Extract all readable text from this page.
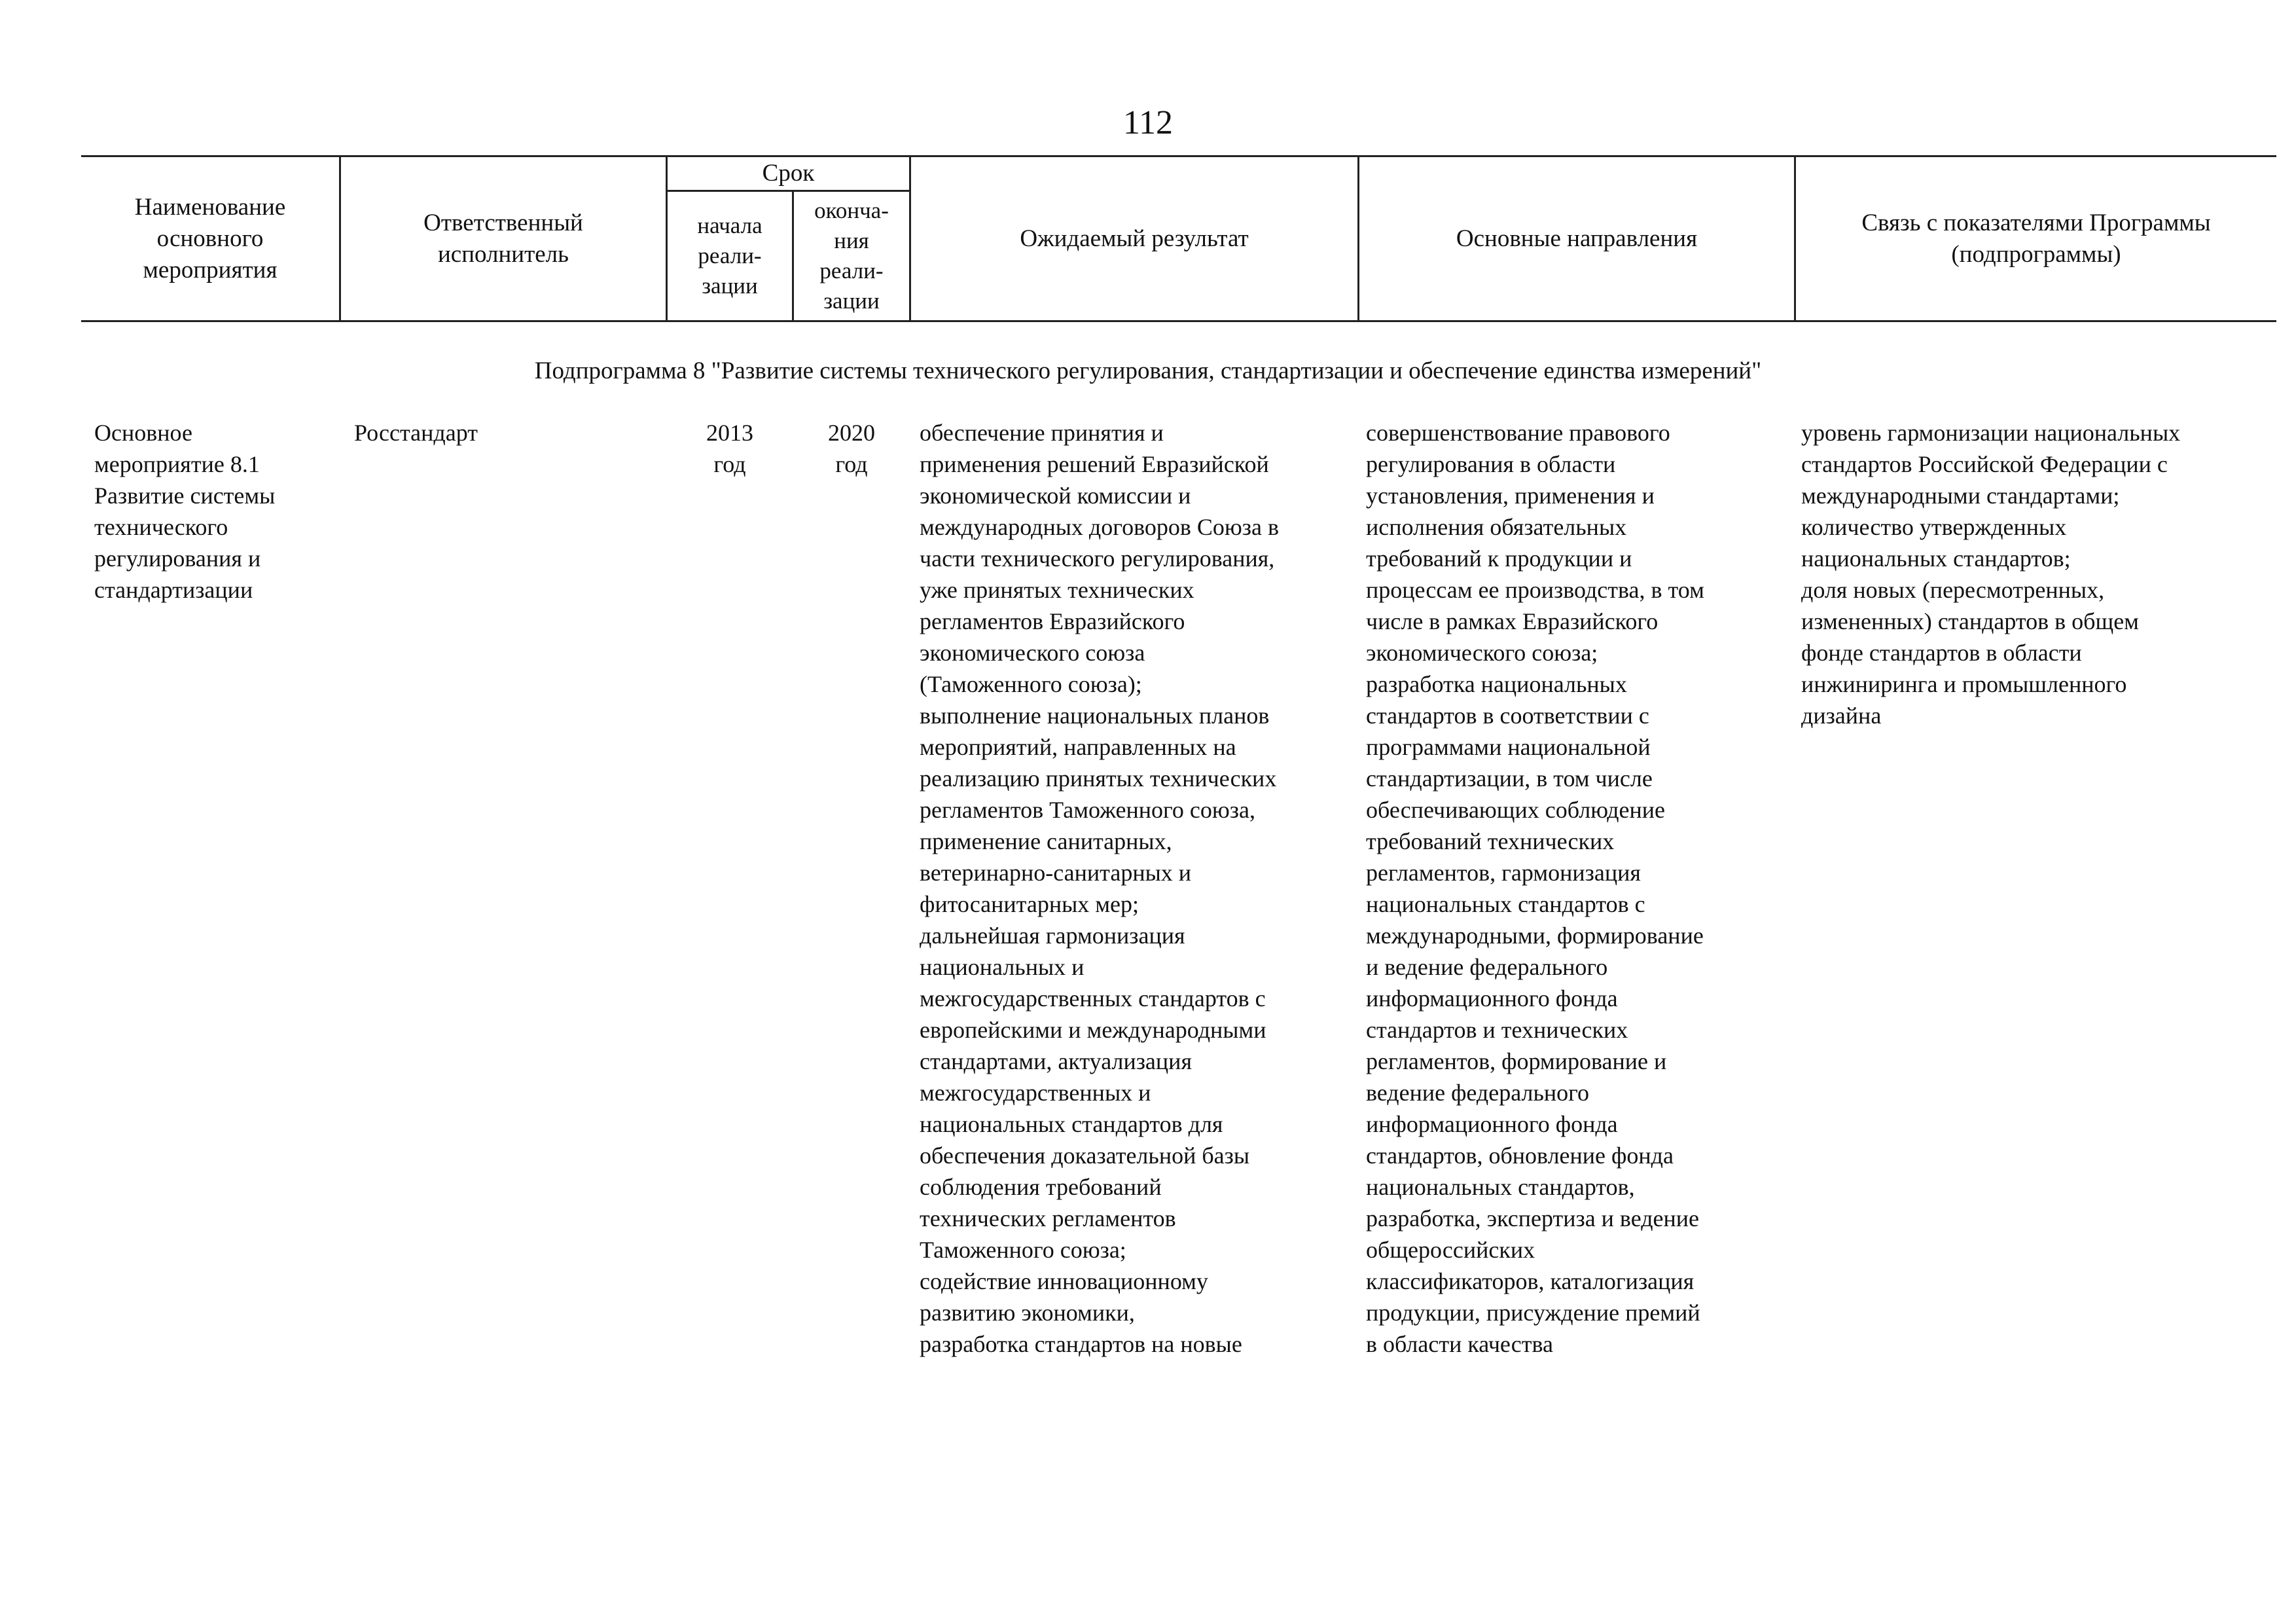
112
Наименование
основного
мероприятия
Ответственный
исполнитель
Срок
начала
реали-
зации
оконча-
ния
реали-
зации
Ожидаемый результат	Основные направления
Связь с показателями Программы
(подпрограммы)
Подпрограмма 8 "Развитие системы технического регулирования, стандартизации и обеспечение единства измерений"
Основное
мероприятие 8.1
Развитие системы
технического
регулирования и
стандартизации
Росстандарт	2013
год
2020
год
обеспечение принятия и
применения решений Евразийской
экономической комиссии и
международных договоров Союза в
части технического регулирования,
уже принятых технических
регламентов Евразийского
экономического союза
(Таможенного союза);
выполнение национальных планов
мероприятий, направленных на
реализацию принятых технических
регламентов Таможенного союза,
применение санитарных,
ветеринарно-санитарных и
фитосанитарных мер;
дальнейшая гармонизация
национальных и
межгосударственных стандартов с
европейскими и международными
стандартами, актуализация
межгосударственных и
национальных стандартов для
обеспечения доказательной базы
соблюдения требований
технических регламентов
Таможенного союза;
содействие инновационному
развитию экономики,
разработка стандартов на новые
совершенствование правового
регулирования в области
установления, применения и
исполнения обязательных
требований к продукции и
процессам ее производства, в том
числе в рамках Евразийского
экономического союза;
разработка национальных
стандартов в соответствии с
программами национальной
стандартизации, в том числе
обеспечивающих соблюдение
требований технических
регламентов, гармонизация
национальных стандартов с
международными, формирование
и ведение федерального
информационного фонда
стандартов и технических
регламентов, формирование и
ведение федерального
информационного фонда
стандартов, обновление фонда
национальных стандартов,
разработка, экспертиза и ведение
общероссийских
классификаторов, каталогизация
продукции, присуждение премий
в области качества
уровень гармонизации национальных
стандартов Российской Федерации с
международными стандартами;
количество утвержденных
национальных стандартов;
доля новых (пересмотренных,
измененных) стандартов в общем
фонде стандартов в области
инжиниринга и промышленного
дизайна
